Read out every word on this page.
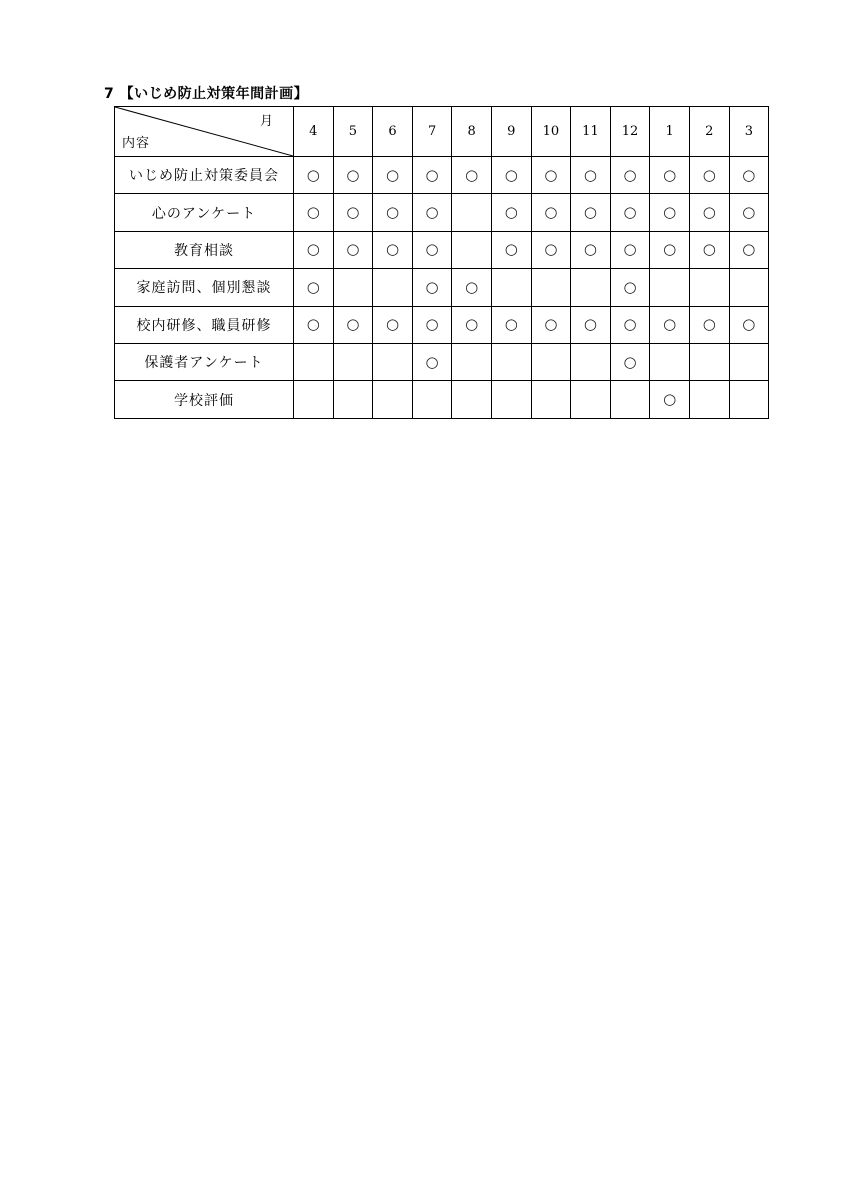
7 【いじめ防止対策年間計画】
月
内容	4	5	6	7	8	9	10	11	12	1	2	3
いじめ防止対策委員会	○	○	○	○	○	○	○	○	○	○	○	○
心のアンケート	○	○	○	○		○	○	○	○	○	○	○
教育相談	○	○	○	○		○	○	○	○	○	○	○
家庭訪問、個別懇談	○			○	○				○			
校内研修、職員研修	○	○	○	○	○	○	○	○	○	○	○	○
保護者アンケート				○					○			
学校評価										○		
